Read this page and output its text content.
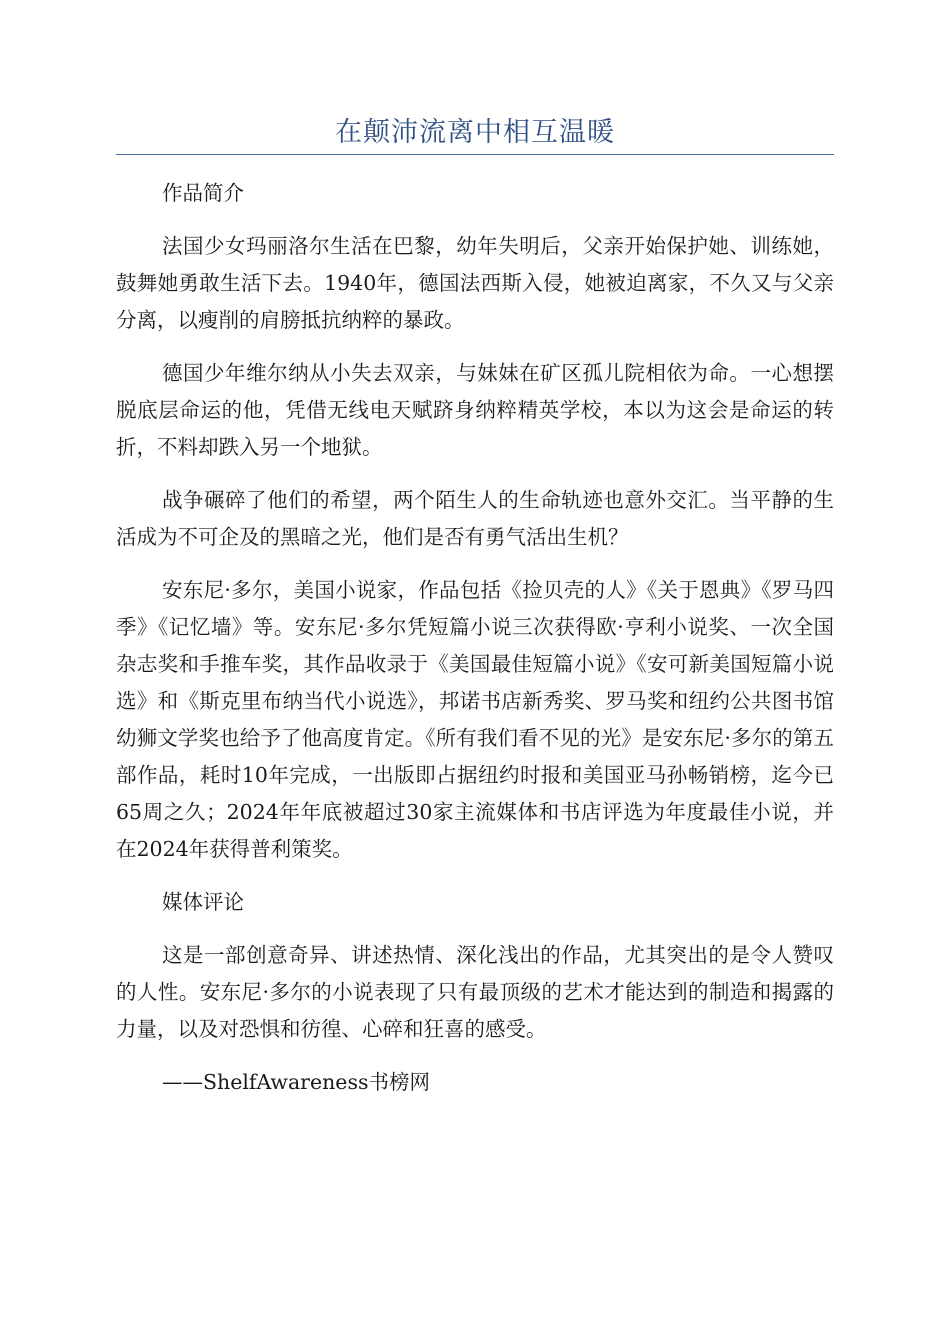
在颠沛流离中相互温暖

作品简介

法国少女玛丽洛尔生活在巴黎，幼年失明后，父亲开始保护她、训练她，鼓舞她勇敢生活下去。1940年，德国法西斯入侵，她被迫离家，不久又与父亲分离，以瘦削的肩膀抵抗纳粹的暴政。

德国少年维尔纳从小失去双亲，与妹妹在矿区孤儿院相依为命。一心想摆脱底层命运的他，凭借无线电天赋跻身纳粹精英学校，本以为这会是命运的转折，不料却跌入另一个地狱。

战争碾碎了他们的希望，两个陌生人的生命轨迹也意外交汇。当平静的生活成为不可企及的黑暗之光，他们是否有勇气活出生机？

安东尼·多尔，美国小说家，作品包括《捡贝壳的人》《关于恩典》《罗马四季》《记忆墙》等。安东尼·多尔凭短篇小说三次获得欧·亨利小说奖、一次全国杂志奖和手推车奖，其作品收录于《美国最佳短篇小说》《安可新美国短篇小说选》和《斯克里布纳当代小说选》，邦诺书店新秀奖、罗马奖和纽约公共图书馆幼狮文学奖也给予了他高度肯定。《所有我们看不见的光》是安东尼·多尔的第五部作品，耗时10年完成，一出版即占据纽约时报和美国亚马孙畅销榜，迄今已65周之久；2024年年底被超过30家主流媒体和书店评选为年度最佳小说，并在2024年获得普利策奖。

媒体评论

这是一部创意奇异、讲述热情、深化浅出的作品，尤其突出的是令人赞叹的人性。安东尼·多尔的小说表现了只有最顶级的艺术才能达到的制造和揭露的力量，以及对恐惧和彷徨、心碎和狂喜的感受。

——ShelfAwareness书榜网
